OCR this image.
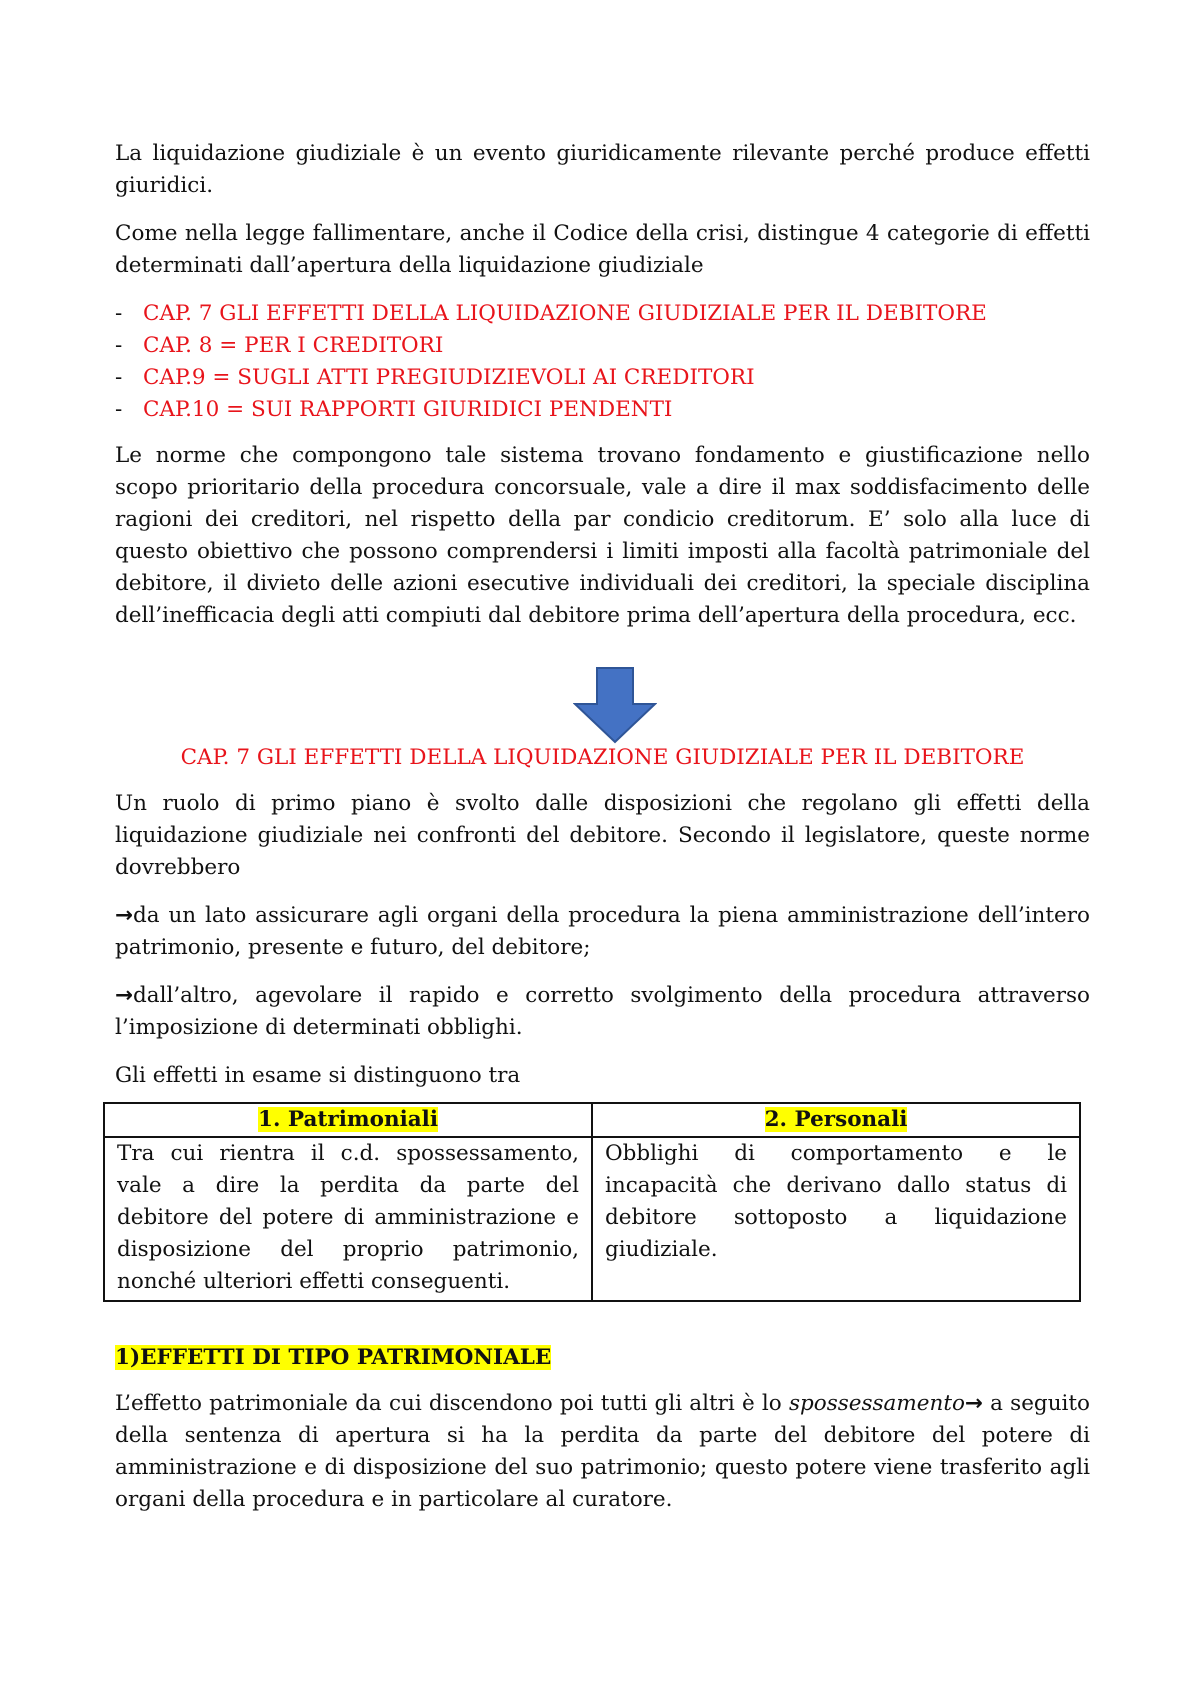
La liquidazione giudiziale è un evento giuridicamente rilevante perché produce effetti giuridici.

Come nella legge fallimentare, anche il Codice della crisi, distingue 4 categorie di effetti determinati dall’apertura della liquidazione giudiziale

- CAP. 7 GLI EFFETTI DELLA LIQUIDAZIONE GIUDIZIALE PER IL DEBITORE
- CAP. 8 = PER I CREDITORI
- CAP.9 = SUGLI ATTI PREGIUDIZIEVOLI AI CREDITORI
- CAP.10 = SUI RAPPORTI GIURIDICI PENDENTI

Le norme che compongono tale sistema trovano fondamento e giustificazione nello scopo prioritario della procedura concorsuale, vale a dire il max soddisfacimento delle ragioni dei creditori, nel rispetto della par condicio creditorum. E’ solo alla luce di questo obiettivo che possono comprendersi i limiti imposti alla facoltà patrimoniale del debitore, il divieto delle azioni esecutive individuali dei creditori, la speciale disciplina dell’inefficacia degli atti compiuti dal debitore prima dell’apertura della procedura, ecc.

CAP. 7 GLI EFFETTI DELLA LIQUIDAZIONE GIUDIZIALE PER IL DEBITORE

Un ruolo di primo piano è svolto dalle disposizioni che regolano gli effetti della liquidazione giudiziale nei confronti del debitore. Secondo il legislatore, queste norme dovrebbero

→da un lato assicurare agli organi della procedura la piena amministrazione dell’intero patrimonio, presente e futuro, del debitore;

→dall’altro, agevolare il rapido e corretto svolgimento della procedura attraverso l’imposizione di determinati obblighi.

Gli effetti in esame si distinguono tra

1. Patrimoniali	2. Personali
Tra cui rientra il c.d. spossessamento, vale a dire la perdita da parte del debitore del potere di amministrazione e disposizione del proprio patrimonio, nonché ulteriori effetti conseguenti.	Obblighi di comportamento e le incapacità che derivano dallo status di debitore sottoposto a liquidazione giudiziale.

1)EFFETTI DI TIPO PATRIMONIALE

L’effetto patrimoniale da cui discendono poi tutti gli altri è lo spossessamento→ a seguito della sentenza di apertura si ha la perdita da parte del debitore del potere di amministrazione e di disposizione del suo patrimonio; questo potere viene trasferito agli organi della procedura e in particolare al curatore.
